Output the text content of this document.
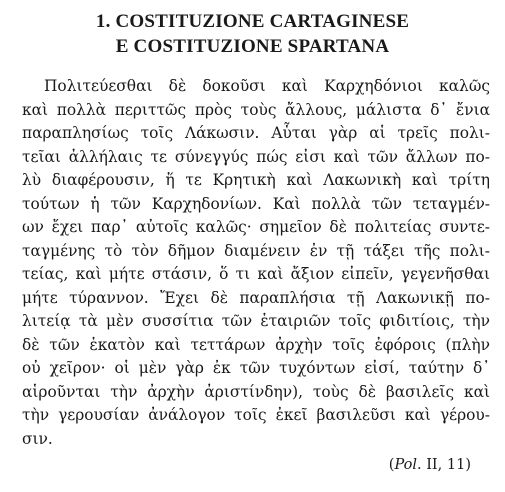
1. COSTITUZIONE CARTAGINESE
E COSTITUZIONE SPARTANA
Πολιτεύεσθαι δὲ δοκοῦσι καὶ Καρχηδόνιοι καλῶς
καὶ πολλὰ περιττῶς πρὸς τοὺς ἄλλους, μάλιστα δ᾽ ἔνια
παραπλησίως τοῖς Λάκωσιν. Αὗται γὰρ αἱ τρεῖς πολι-
τεῖαι ἀλλήλαις τε σύνεγγύς πώς εἰσι καὶ τῶν ἄλλων πο-
λὺ διαφέρουσιν, ἥ τε Κρητικὴ καὶ Λακωνικὴ καὶ τρίτη
τούτων ἡ τῶν Καρχηδονίων. Καὶ πολλὰ τῶν τεταγμέν-
ων ἔχει παρ᾽ αὐτοῖς καλῶς· σημεῖον δὲ πολιτείας συντε-
ταγμένης τὸ τὸν δῆμον διαμένειν ἐν τῇ τάξει τῆς πολι-
τείας, καὶ μήτε στάσιν, ὅ τι καὶ ἄξιον εἰπεῖν, γεγενῆσθαι
μήτε τύραννον. Ἔχει δὲ παραπλήσια τῇ Λακωνικῇ πο-
λιτείᾳ τὰ μὲν συσσίτια τῶν ἑταιριῶν τοῖς φιδιτίοις, τὴν
δὲ τῶν ἑκατὸν καὶ τεττάρων ἀρχὴν τοῖς ἐφόροις (πλὴν
οὐ χεῖρον· οἱ μὲν γὰρ ἐκ τῶν τυχόντων εἰσί, ταύτην δ᾽
αἱροῦνται τὴν ἀρχὴν ἀριστίνδην), τοὺς δὲ βασιλεῖς καὶ
τὴν γερουσίαν ἀνάλογον τοῖς ἐκεῖ βασιλεῦσι καὶ γέρου-
σιν.
(Pol. II, 11)
